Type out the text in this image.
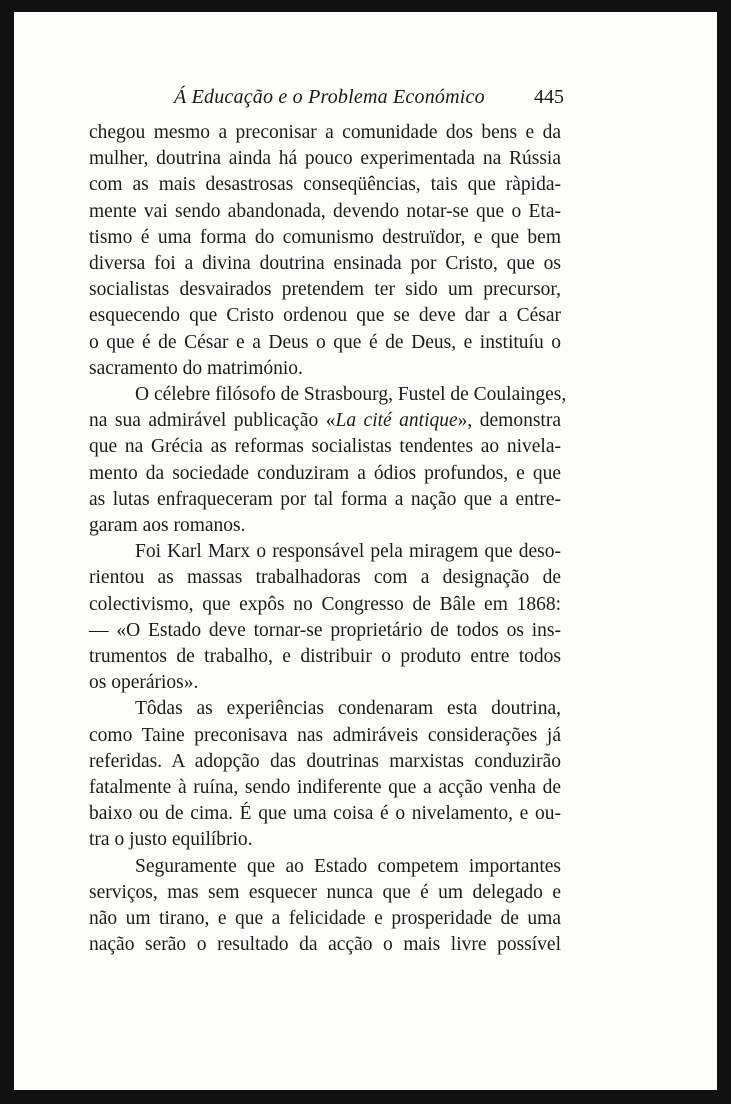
Á Educação e o Problema Económico 445

chegou mesmo a preconisar a comunidade dos bens e da
mulher, doutrina ainda há pouco experimentada na Rússia
com as mais desastrosas conseqüências, tais que ràpida-
mente vai sendo abandonada, devendo notar-se que o Eta-
tismo é uma forma do comunismo destruïdor, e que bem
diversa foi a divina doutrina ensinada por Cristo, que os
socialistas desvairados pretendem ter sido um precursor,
esquecendo que Cristo ordenou que se deve dar a César
o que é de César e a Deus o que é de Deus, e instituíu o
sacramento do matrimónio.

O célebre filósofo de Strasbourg, Fustel de Coulainges,
na sua admirável publicação «La cité antique», demonstra
que na Grécia as reformas socialistas tendentes ao nivela-
mento da sociedade conduziram a ódios profundos, e que
as lutas enfraqueceram por tal forma a nação que a entre-
garam aos romanos.

Foi Karl Marx o responsável pela miragem que deso-
rientou as massas trabalhadoras com a designação de
colectivismo, que expôs no Congresso de Bâle em 1868:
— «O Estado deve tornar-se proprietário de todos os ins-
trumentos de trabalho, e distribuir o produto entre todos
os operários».

Tôdas as experiências condenaram esta doutrina,
como Taine preconisava nas admiráveis considerações já
referidas. A adopção das doutrinas marxistas conduzirão
fatalmente à ruína, sendo indiferente que a acção venha de
baixo ou de cima. É que uma coisa é o nivelamento, e ou-
tra o justo equilíbrio.

Seguramente que ao Estado competem importantes
serviços, mas sem esquecer nunca que é um delegado e
não um tirano, e que a felicidade e prosperidade de uma
nação serão o resultado da acção o mais livre possível
